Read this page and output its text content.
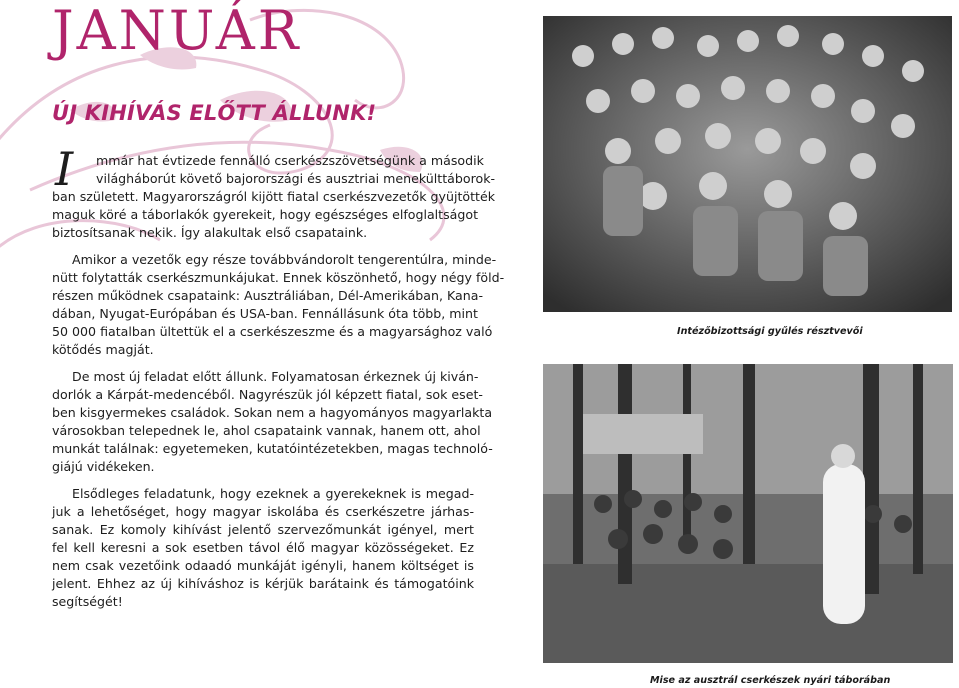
JANUÁR
ÚJ KIHÍVÁS ELŐTT ÁLLUNK!
I mmár hat évtizede fennálló cserkészszövetségünk a második
világháborút követő bajorországi és ausztriai menekülttáborok-
ban született. Magyarországról kijött fiatal cserkészvezetők gyüjtötték
maguk köré a táborlakók gyerekeit, hogy egészséges elfoglaltságot
biztosítsanak nekik. Így alakultak első csapataink.
Amikor a vezetők egy része továbbvándorolt tengerentúlra, minde-
nütt folytatták cserkészmunkájukat. Ennek köszönhető, hogy négy föld-
részen működnek csapataink: Ausztráliában, Dél-Amerikában, Kana-
dában, Nyugat-Európában és USA-ban. Fennállásunk óta több, mint
50 000 fiatalban ültettük el a cserkészeszme és a magyarsághoz való
kötődés magját.
De most új feladat előtt állunk. Folyamatosan érkeznek új kiván-
dorlók a Kárpát-medencéből. Nagyrészük jól képzett fiatal, sok eset-
ben kisgyermekes családok. Sokan nem a hagyományos magyarlakta
városokban telepednek le, ahol csapataink vannak, hanem ott, ahol
munkát találnak: egyetemeken, kutatóintézetekben, magas technoló-
giájú vidékeken.
Elsődleges feladatunk, hogy ezeknek a gyerekeknek is megad-
juk a lehetőséget, hogy magyar iskolába és cserkészetre járhas-
sanak. Ez komoly kihívást jelentő szervezőmunkát igényel, mert
fel kell keresni a sok esetben távol élő magyar közösségeket. Ez
nem csak vezetőink odaadó munkáját igényli, hanem költséget is
jelent. Ehhez az új kihíváshoz is kérjük barátaink és támogatóink
segítségét!
Intézőbizottsági gyűlés résztvevői
Mise az ausztrál cserkészek nyári táborában
